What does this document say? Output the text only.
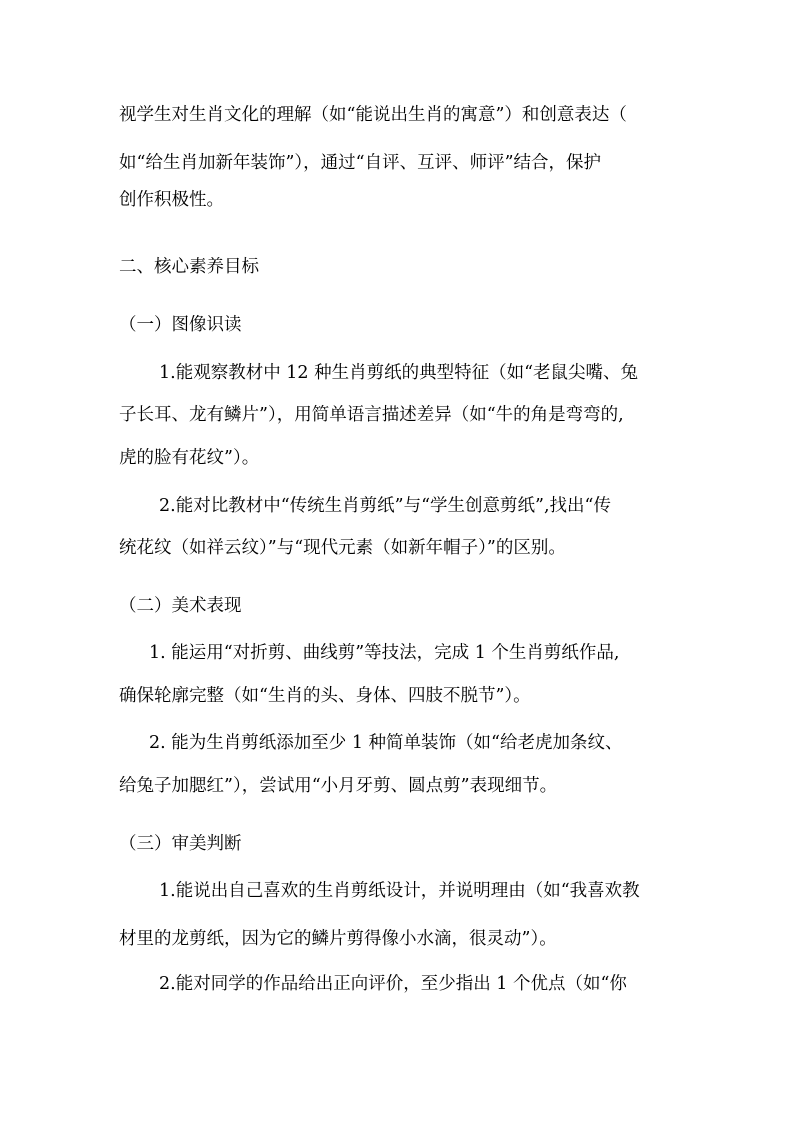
视学生对生肖文化的理解（如“能说出生肖的寓意”）和创意表达（
如“给生肖加新年装饰”），通过“自评、互评、师评”结合，保护
创作积极性。
二、核心素养目标
（一）图像识读
1.能观察教材中 12 种生肖剪纸的典型特征（如“老鼠尖嘴、兔
子长耳、龙有鳞片”），用简单语言描述差异（如“牛的角是弯弯的,
虎的脸有花纹”）。
2.能对比教材中“传统生肖剪纸”与“学生创意剪纸”,找出“传
统花纹（如祥云纹）”与“现代元素（如新年帽子）”的区别。
（二）美术表现
1. 能运用“对折剪、曲线剪”等技法，完成 1 个生肖剪纸作品,
确保轮廓完整（如“生肖的头、身体、四肢不脱节”）。
2. 能为生肖剪纸添加至少 1 种简单装饰（如“给老虎加条纹、
给兔子加腮红”），尝试用“小月牙剪、圆点剪”表现细节。
（三）审美判断
1.能说出自己喜欢的生肖剪纸设计，并说明理由（如“我喜欢教
材里的龙剪纸，因为它的鳞片剪得像小水滴，很灵动”）。
2.能对同学的作品给出正向评价，至少指出 1 个优点（如“你
